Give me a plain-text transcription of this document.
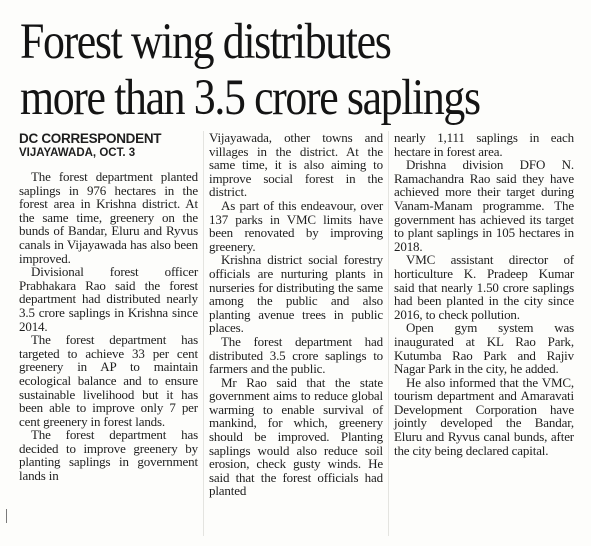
Forest wing distributes
more than 3.5 crore saplings
DC CORRESPONDENT
VIJAYAWADA, OCT. 3

The forest department planted saplings in 976 hectares in the forest area in Krishna district. At the same time, greenery on the bunds of Bandar, Eluru and Ryvus canals in Vijayawada has also been improved.

Divisional forest officer Prabhakara Rao said the forest department had distributed nearly 3.5 crore saplings in Krishna since 2014.

The forest department has targeted to achieve 33 per cent greenery in AP to maintain ecological balance and to ensure sustainable livelihood but it has been able to improve only 7 per cent greenery in forest lands.

The forest department has decided to improve greenery by planting saplings in government lands in

Vijayawada, other towns and villages in the district. At the same time, it is also aiming to improve social forest in the district.

As part of this endeavour, over 137 parks in VMC limits have been renovated by improving greenery.

Krishna district social forestry officials are nurturing plants in nurseries for distributing the same among the public and also planting avenue trees in public places.

The forest department had distributed 3.5 crore saplings to farmers and the public.

Mr Rao said that the state government aims to reduce global warming to enable survival of mankind, for which, greenery should be improved. Planting saplings would also reduce soil erosion, check gusty winds. He said that the forest officials had planted

nearly 1,111 saplings in each hectare in forest area.

Drishna division DFO N. Ramachandra Rao said they have achieved more their target during Vanam-Manam programme. The government has achieved its target to plant saplings in 105 hectares in 2018.

VMC assistant director of horticulture K. Pradeep Kumar said that nearly 1.50 crore saplings had been planted in the city since 2016, to check pollution.

Open gym system was inaugurated at KL Rao Park, Kutumba Rao Park and Rajiv Nagar Park in the city, he added.

He also informed that the VMC, tourism department and Amaravati Development Corporation have jointly developed the Bandar, Eluru and Ryvus canal bunds, after the city being declared capital.
